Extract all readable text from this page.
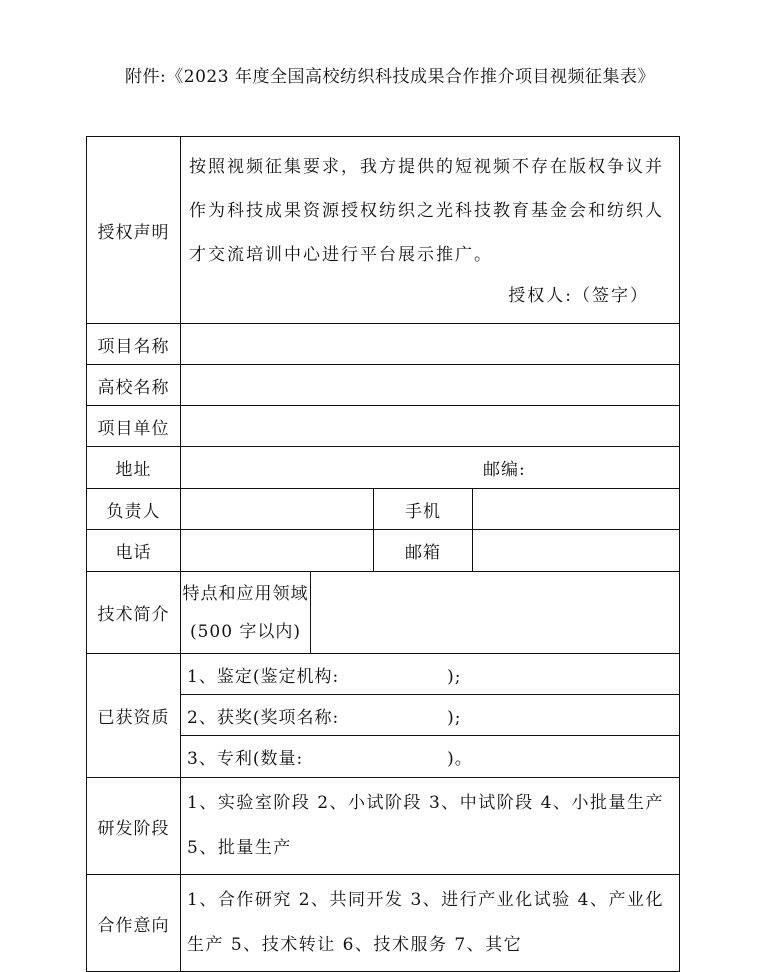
附件:《2023 年度全国高校纺织科技成果合作推介项目视频征集表》
授权声明	按照视频征集要求，我方提供的短视频不存在版权争议并作为科技成果资源授权纺织之光科技教育基金会和纺织人才交流培训中心进行平台展示推广。
授权人:（签字）			

项目名称				
高校名称				
项目单位				
地址	邮编:			
负责人			手机	
电话			邮箱	
技术简介	特点和应用领域
(500 字以内)			

已获资质	1、鉴定(鉴定机构:　　　　　　);			
	2、获奖(奖项名称:　　　　　　);			
	3、专利(数量:　　　　　　　　)。			
研发阶段	1、实验室阶段 2、小试阶段 3、中试阶段 4、小批量生产 5、批量生产			
合作意向	1、合作研究 2、共同开发 3、进行产业化试验 4、产业化生产 5、技术转让 6、技术服务 7、其它			
